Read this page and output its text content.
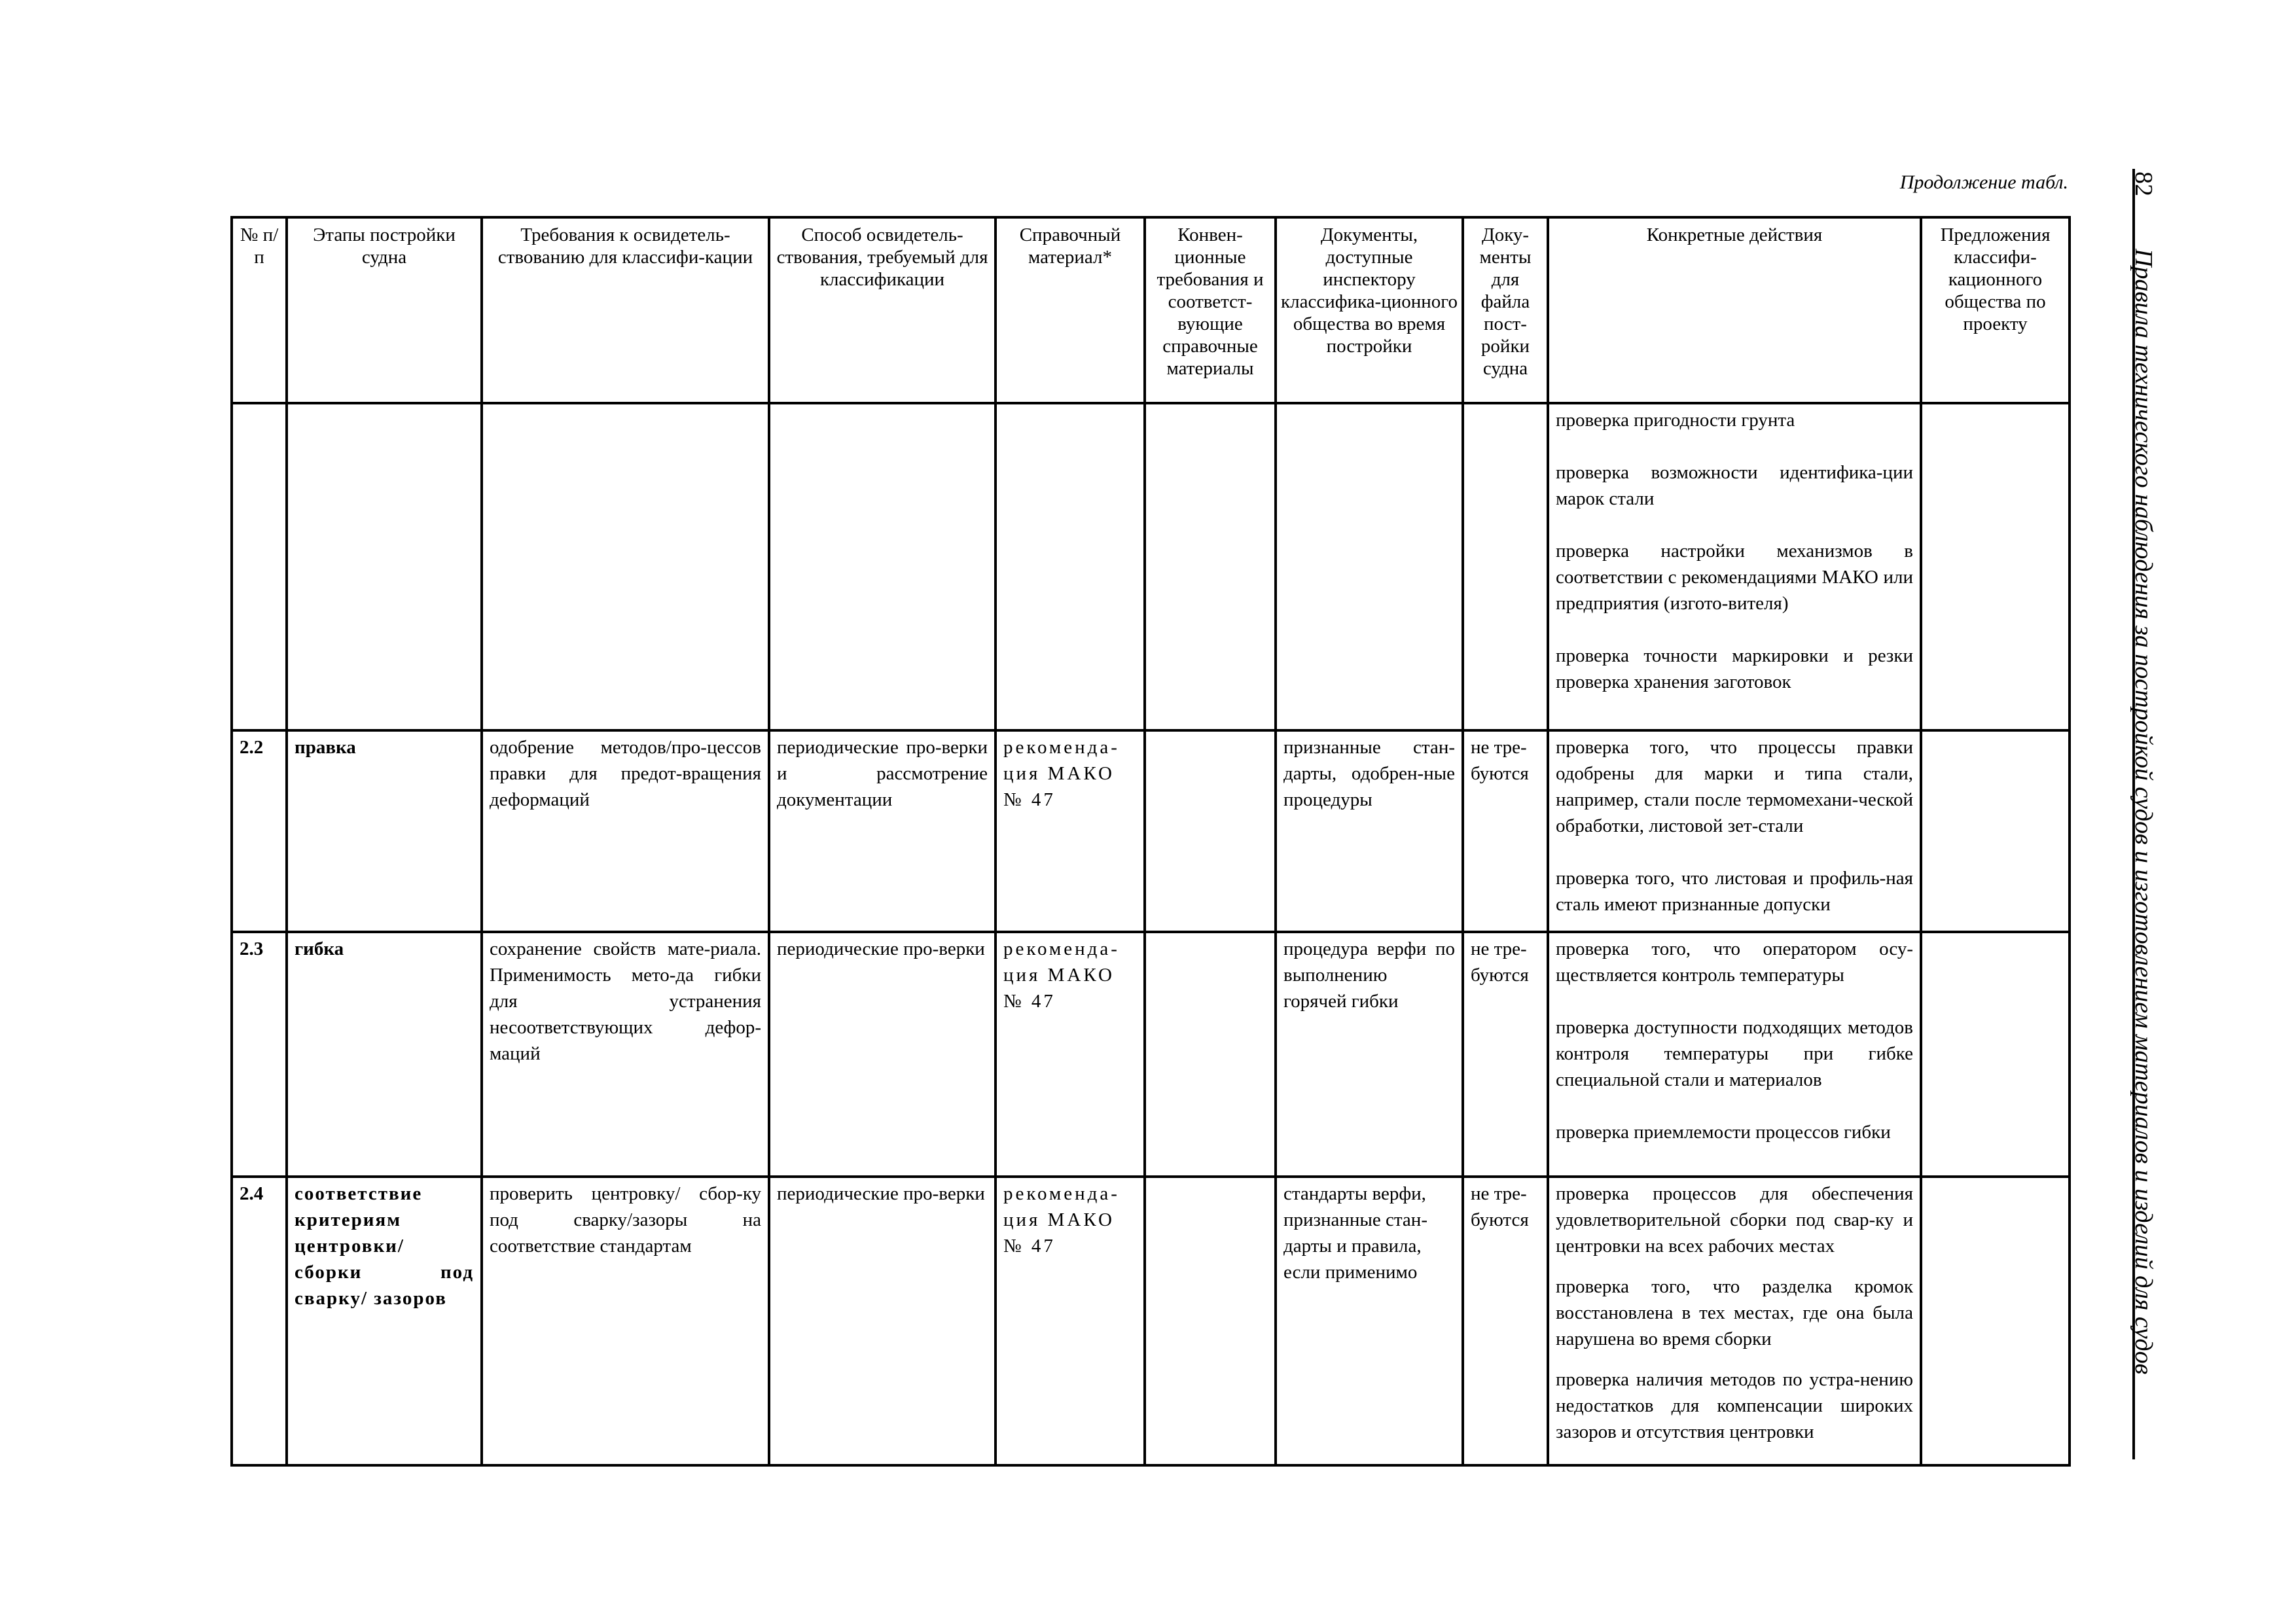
Продолжение табл.	82Правила технического наблюдения за постройкой судов и изготовлением материалов и изделий для судов
№ п/п	Этапы постройки судна	Требования к освидетель-ствованию для классифи-кации	Способ освидетель-ствования, требуемый для классификации	Справочный материал*	Конвен-ционные требования и соответст-вующие справочные материалы	Документы, доступные инспектору классифика-ционного общества во время постройки	Доку-менты для файла пост-ройки судна	Конкретные действия	Предложения классифи-кационного общества по проекту

								проверка пригодности грунта
проверка возможности идентифика-ции марок стали
проверка настройки механизмов в соответствии с рекомендациями МАКО или предприятия (изгото-вителя)
проверка точности маркировки и резки проверка хранения заготовок	

2.2	правка	одобрение методов/про-цессов правки для предот-вращения деформаций	периодические про-верки и рассмотрение документации	рекоменда-ция МАКО № 47		признанные стан-дарты, одобрен-ные процедуры	не тре-буются	проверка того, что процессы правки одобрены для марки и типа стали, например, стали после термомехани-ческой обработки, листовой зет-стали
проверка того, что листовая и профиль-ная сталь имеют признанные допуски	

2.3	гибка	сохранение свойств мате-риала. Применимость мето-да гибки для устранения несоответствующих дефор-маций	периодические про-верки	рекоменда-ция МАКО № 47		процедура верфи по выполнению горячей гибки	не тре-буются	проверка того, что оператором осу-ществляется контроль температуры
проверка доступности подходящих методов контроля температуры при гибке специальной стали и материалов
проверка приемлемости процессов гибки	

2.4	соответствие критериям центровки/ сборки под сварку/ зазоров	проверить центровку/ сбор-ку под сварку/зазоры на соответствие стандартам	периодические про-верки	рекоменда-ция МАКО № 47		стандарты верфи, признанные стан-дарты и правила, если применимо	не тре-буются	проверка процессов для обеспечения удовлетворительной сборки под свар-ку и центровки на всех рабочих местах
проверка того, что разделка кромок восстановлена в тех местах, где она была нарушена во время сборки
проверка наличия методов по устра-нению недостатков для компенсации широких зазоров и отсутствия центровки	
